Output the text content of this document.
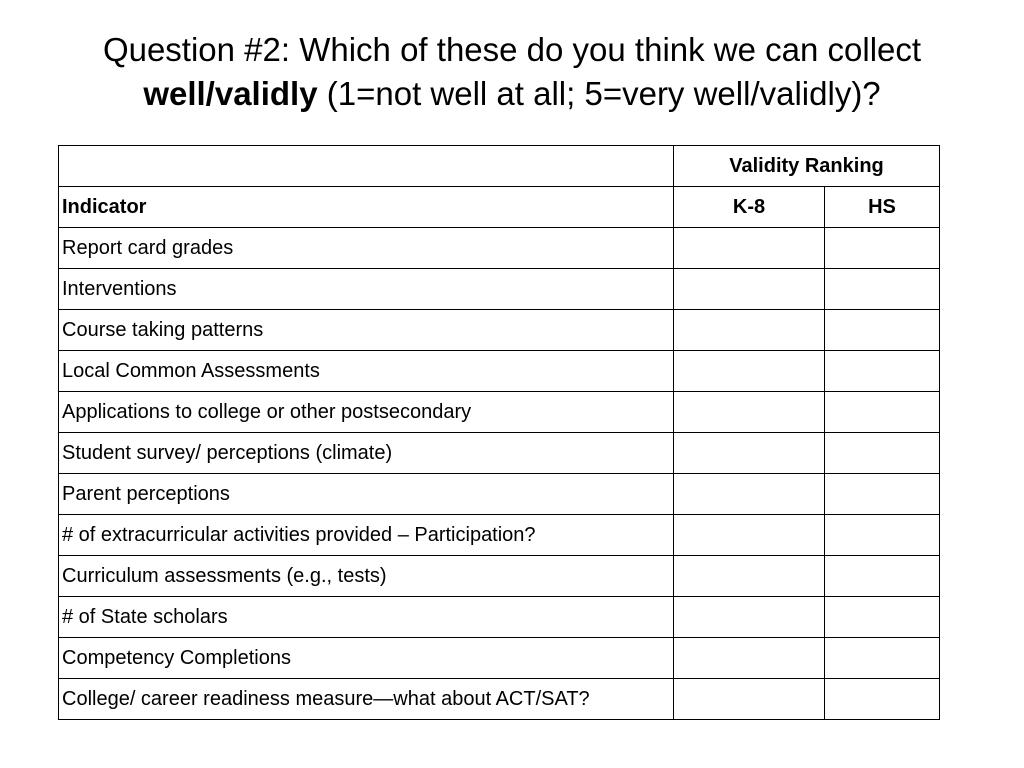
Question #2: Which of these do you think we can collect
well/validly (1=not well at all; 5=very well/validly)?
	Validity Ranking	
Indicator	K-8	HS
Report card grades		
Interventions		
Course taking patterns		
Local Common Assessments		
Applications to college or other postsecondary		
Student survey/ perceptions (climate)		
Parent perceptions		
# of extracurricular activities provided – Participation?		
Curriculum assessments (e.g., tests)		
# of State scholars		
Competency Completions		
College/ career readiness measure—what about ACT/SAT?		
